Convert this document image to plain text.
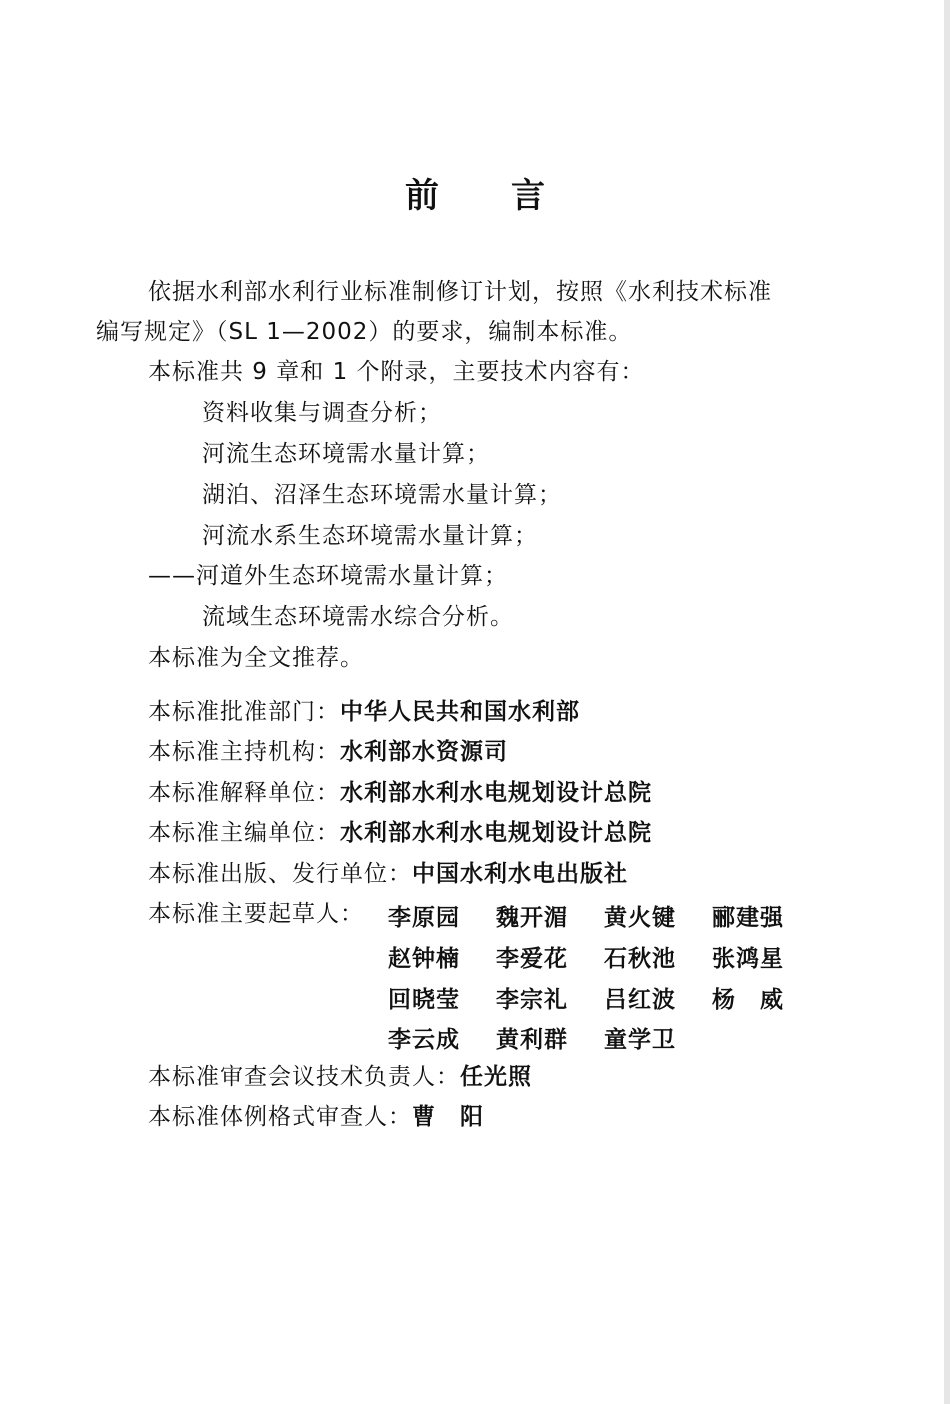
前 言
依据水利部水利行业标准制修订计划，按照《水利技术标准
编写规定》（SL 1—2002）的要求，编制本标准。
本标准共 9 章和 1 个附录，主要技术内容有：
资料收集与调查分析；
河流生态环境需水量计算；
湖泊、沼泽生态环境需水量计算；
河流水系生态环境需水量计算；
——河道外生态环境需水量计算；
流域生态环境需水综合分析。
本标准为全文推荐。
本标准批准部门：中华人民共和国水利部
本标准主持机构：水利部水资源司
本标准解释单位：水利部水利水电规划设计总院
本标准主编单位：水利部水利水电规划设计总院
本标准出版、发行单位：中国水利水电出版社
本标准主要起草人： 李原园 魏开湄 黄火键 郦建强
赵钟楠 李爱花 石秋池 张鸿星
回晓莹 李宗礼 吕红波 杨　威
李云成 黄利群 童学卫
本标准审查会议技术负责人：任光照
本标准体例格式审查人：曹　阳
